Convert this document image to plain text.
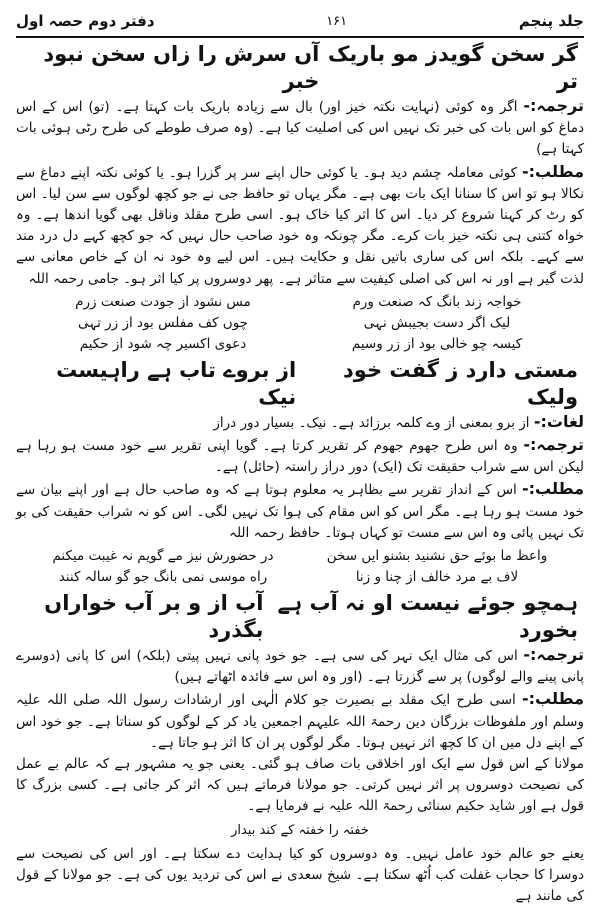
جلد پنجم
۱۶۱
دفتر دوم حصہ اول
گر سخن گویدز مو باریک تر
آں سرش را زاں سخن نبود خبر

ترجمہ:- اگر وہ کوئی (نہایت نکتہ خیز اور) بال سے زیادہ باریک بات کہتا ہے۔ (تو) اس کے اس دماغ کو اس بات کی خبر تک نہیں اس کی اصلیت کیا ہے۔ (وہ صرف طوطے کی طرح رٹی ہوئی بات کہتا ہے)

مطلب:- کوئی معاملہ چشم دید ہو۔ یا کوئی حال اپنے سر پر گزرا ہو۔ یا کوئی نکتہ اپنے دماغ سے نکالا ہو تو اس کا سنانا ایک بات بھی ہے۔ مگر یہاں تو حافظ جی نے جو کچھ لوگوں سے سن لیا۔ اس کو رٹ کر کہنا شروع کر دیا۔ اس کا اثر کیا خاک ہو۔ اسی طرح مقلد وناقل بھی گویا اندھا ہے۔ وہ خواہ کتنی ہی نکتہ خیز بات کرے۔ مگر چونکہ وہ خود صاحب حال نہیں کہ جو کچھ کہے دل درد مند سے کہے۔ بلکہ اس کی ساری باتیں نقل و حکایت ہیں۔ اس لیے وہ خود نہ ان کے خاص معانی سے لذت گیر ہے اور نہ اس کی اصلی کیفیت سے متاثر ہے۔ پھر دوسروں پر کیا اثر ہو۔ جامی رحمہ اللہ

خواجہ زند بانگ کہ صنعت ورم
مس نشود از جودت صنعت زرم
لیک اگر دست بجیبش نہی
چوں کف مفلس بود از زر تہی
کیسہ چو خالی بود از زر وسیم
دعوی اکسیر چہ شود از حکیم
مستی دارد ز گفت خود ولیک
از بروے تاب ہے راہیست نیک

لغات:- از برو بمعنی از وے کلمہ برزائد ہے۔ نیک۔ بسیار دور دراز

ترجمہ:- وہ اس طرح جھوم جھوم کر تقریر کرتا ہے۔ گویا اپنی تقریر سے خود مست ہو رہا ہے لیکن اس سے شراب حقیقت تک (ایک) دور دراز راستہ (حائل) ہے۔

مطلب:- اس کے انداز تقریر سے بظاہر یہ معلوم ہوتا ہے کہ وہ صاحب حال ہے اور اپنے بیان سے خود مست ہو رہا ہے۔ مگر اس کو اس مقام کی ہوا تک نہیں لگی۔ اس کو نہ شراب حقیقت کی بو تک نہیں پائی وہ اس سے مست تو کہاں ہوتا۔ حافظ رحمہ اللہ

واعظ ما بوئے حق نشنید بشنو ایں سخن
در حضورش نیز مے گویم نہ غیبت میکنم
لاف بے مرد خالف از چنا و زنا
راه موسی نمی بانگ جو گو سالہ کنند
ہمچو جوئے نیست او نہ آب ہے بخورد
آب از و بر آب خواراں بگذرد

ترجمہ:- اس کی مثال ایک نہر کی سی ہے۔ جو خود پانی نہیں پیتی (بلکہ) اس کا پانی (دوسرے پانی پینے والے لوگوں) پر سے گزرتا ہے۔ (اور وہ اس سے فائدہ اٹھاتے ہیں)

مطلب:- اسی طرح ایک مقلد بے بصیرت جو کلام الٰہی اور ارشادات رسول اللہ صلی اللہ علیہ وسلم اور ملفوظات بزرگان دین رحمۃ اللہ علیہم اجمعین یاد کر کے لوگوں کو سناتا ہے۔ جو خود اس کے اپنے دل میں ان کا کچھ اثر نہیں ہوتا۔ مگر لوگوں پر ان کا اثر ہو جاتا ہے۔

مولانا کے اس قول سے ایک اور اخلاقی بات صاف ہو گئی۔ یعنی جو یہ مشہور ہے کہ عالم بے عمل کی نصیحت دوسروں پر اثر نہیں کرتی۔ جو مولانا فرماتے ہیں کہ اثر کر جاتی ہے۔ کسی بزرگ کا قول ہے اور شاید حکیم سنائی رحمۃ اللہ علیہ نے فرمایا ہے۔

خفتہ را خفتہ کے کند بیدار

یعنے جو عالم خود عامل نہیں۔ وہ دوسروں کو کیا ہدایت دے سکتا ہے۔ اور اس کی نصیحت سے دوسرا کا حجاب غفلت کب اُٹھ سکتا ہے۔ شیخ سعدی نے اس کی تردید یوں کی ہے۔ جو مولانا کے قول کی مانند ہے
